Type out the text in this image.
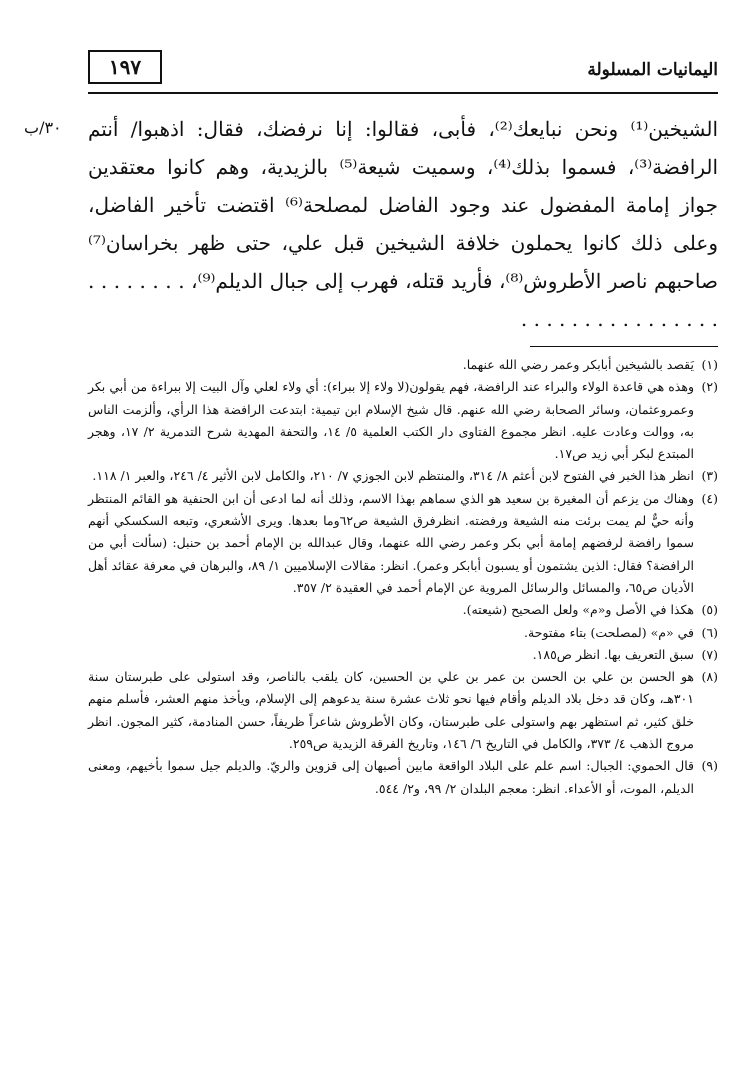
١٩٧	اليمانيات المسلولة
٣٠/ب الشيخين⁽¹⁾ ونحن نبايعك⁽²⁾، فأبى، فقالوا: إنا نرفضك، فقال: اذهبوا/ أنتم الرافضة⁽³⁾، فسموا بذلك⁽⁴⁾، وسميت شيعة⁽⁵⁾ بالزيدية، وهم كانوا معتقدين جواز إمامة المفضول عند وجود الفاضل لمصلحة⁽⁶⁾ اقتضت تأخير الفاضل، وعلى ذلك كانوا يحملون خلافة الشيخين قبل علي، حتى ظهر بخراسان⁽⁷⁾ صاحبهم ناصر الأطروش⁽⁸⁾، فأريد قتله، فهرب إلى جبال الديلم⁽⁹⁾، . . . . . . . . . . . . . . . . . . . . . . . .

(١)
يَقصد بالشيخين أبابكر وعمر رضي الله عنهما.

(٢)
وهذه هي قاعدة الولاء والبراء عند الرافضة، فهم يقولون(لا ولاء إلا ببراء): أي ولاء لعلي وآل البيت إلا ببراءة من أبي بكر وعمروعثمان، وسائر الصحابة رضي الله عنهم. قال شيخ الإسلام ابن تيمية: ابتدعت الرافضة هذا الرأي، وألزمت الناس به، ووالت وعادت عليه. انظر مجموع الفتاوى دار الكتب العلمية ٥/ ١٤، والتحفة المهدية شرح التدمرية ٢/ ١٧، وهجر المبتدع لبكر أبي زيد ص١٧.

(٣)
انظر هذا الخبر في الفتوح لابن أعثم ٨/ ٣١٤، والمنتظم لابن الجوزي ٧/ ٢١٠، والكامل لابن الأثير ٤/ ٢٤٦، والعبر ١/ ١١٨.

(٤)
وهناك من يزعم أن المغيرة بن سعيد هو الذي سماهم بهذا الاسم، وذلك أنه لما ادعى أن ابن الحنفية هو القائم المنتظر وأنه حيٌّ لم يمت برئت منه الشيعة ورفضته. انظرفرق الشيعة ص٦٢وما بعدها. ويرى الأشعري، وتبعه السكسكي أنهم سموا رافضة لرفضهم إمامة أبي بكر وعمر رضي الله عنهما، وقال عبدالله بن الإمام أحمد بن حنبل: (سألت أبي من الرافضة؟ فقال: الذين يشتمون أو يسبون أبابكر وعمر). انظر: مقالات الإسلاميين ١/ ٨٩، والبرهان في معرفة عقائد أهل الأديان ص٦٥، والمسائل والرسائل المروية عن الإمام أحمد في العقيدة ٢/ ٣٥٧.

(٥)
هكذا في الأصل و«م» ولعل الصحيح (شيعته).

(٦)
في «م» (لمصلحت) بتاء مفتوحة.

(٧)
سبق التعريف بها. انظر ص١٨٥.

(٨)
هو الحسن بن علي بن الحسن بن عمر بن علي بن الحسين، كان يلقب بالناصر، وقد استولى على طبرستان سنة ٣٠١هـ، وكان قد دخل بلاد الديلم وأقام فيها نحو ثلاث عشرة سنة يدعوهم إلى الإسلام، ويأخذ منهم العشر، فأسلم منهم خلق كثير، ثم استظهر بهم واستولى على طبرستان، وكان الأطروش شاعراً ظريفاً، حسن المنادمة، كثير المجون. انظر مروج الذهب ٤/ ٣٧٣، والكامل في التاريخ ٦/ ١٤٦، وتاريخ الفرقة الزيدية ص٢٥٩.

(٩)
قال الحموي: الجبال: اسم علم على البلاد الواقعة مابين أصبهان إلى قزوين والريّ. والديلم جيل سموا بأخيهم، ومعنى الديلم، الموت، أو الأعداء. انظر: معجم البلدان ٢/ ٩٩، و٢/ ٥٤٤.
